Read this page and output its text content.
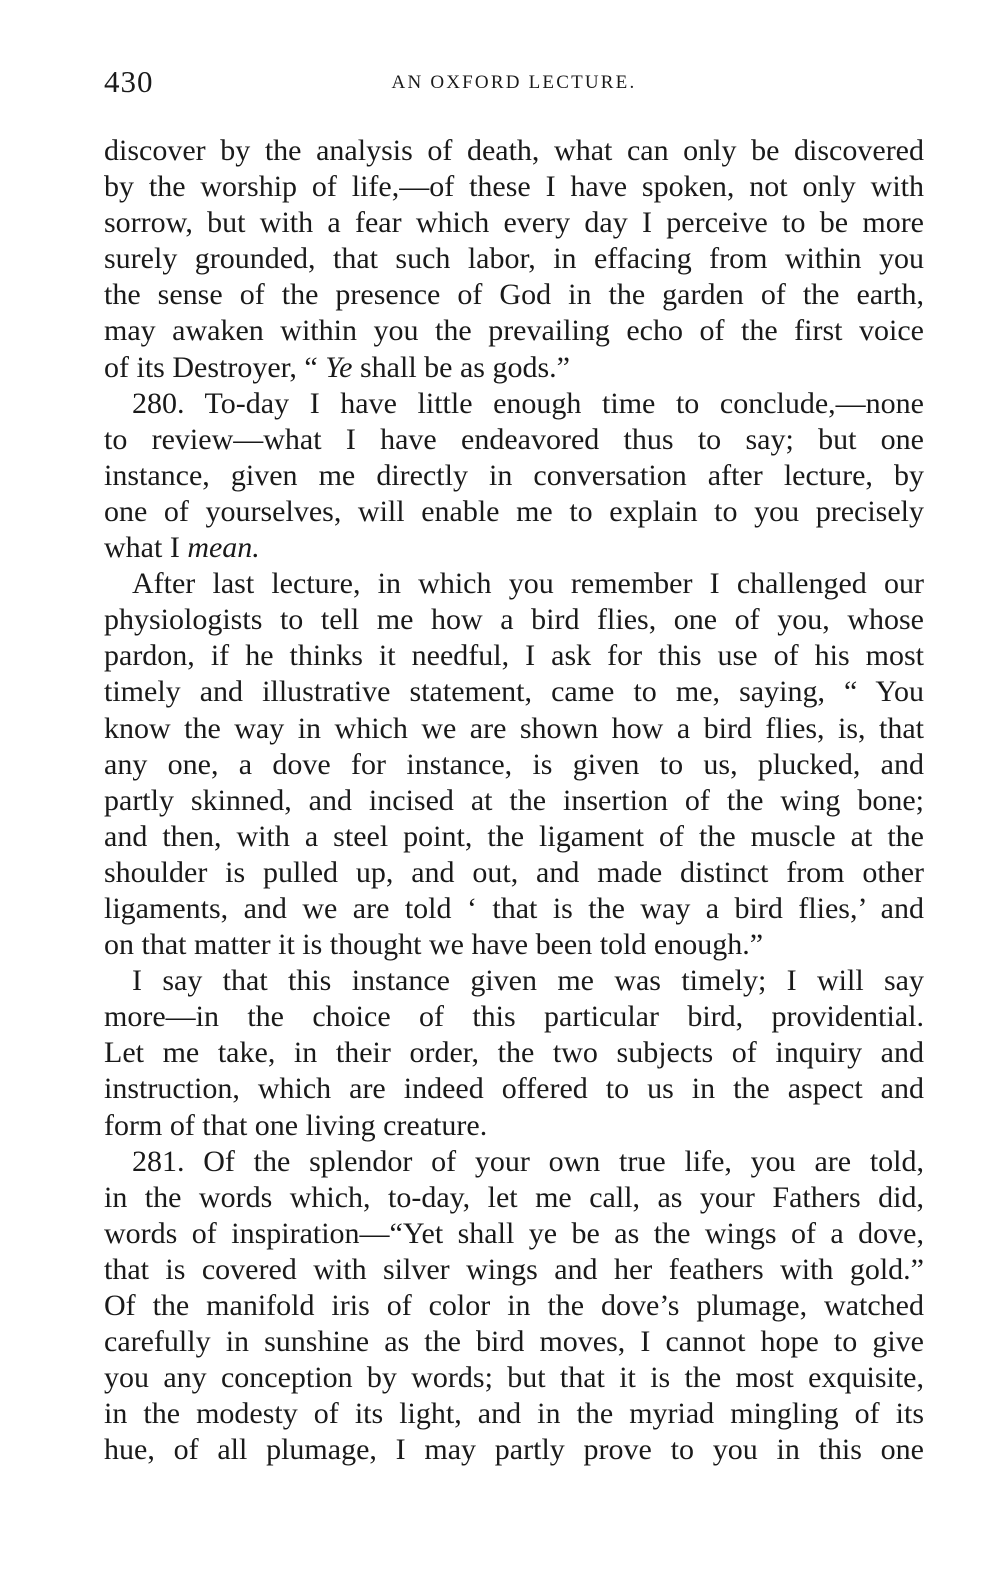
430	AN OXFORD LECTURE.
discover by the analysis of death, what can only be discovered
by the worship of life,—of these I have spoken, not only with
sorrow, but with a fear which every day I perceive to be more
surely grounded, that such labor, in effacing from within you
the sense of the presence of God in the garden of the earth,
may awaken within you the prevailing echo of the first voice
of its Destroyer, “ Ye shall be as gods.”
280. To-day I have little enough time to conclude,—none
to review—what I have endeavored thus to say; but one
instance, given me directly in conversation after lecture, by
one of yourselves, will enable me to explain to you precisely
what I mean.
After last lecture, in which you remember I challenged our
physiologists to tell me how a bird flies, one of you, whose
pardon, if he thinks it needful, I ask for this use of his most
timely and illustrative statement, came to me, saying, “ You
know the way in which we are shown how a bird flies, is, that
any one, a dove for instance, is given to us, plucked, and
partly skinned, and incised at the insertion of the wing bone;
and then, with a steel point, the ligament of the muscle at the
shoulder is pulled up, and out, and made distinct from other
ligaments, and we are told ‘ that is the way a bird flies,’ and
on that matter it is thought we have been told enough.”
I say that this instance given me was timely; I will say
more—in the choice of this particular bird, providential.
Let me take, in their order, the two subjects of inquiry and
instruction, which are indeed offered to us in the aspect and
form of that one living creature.
281. Of the splendor of your own true life, you are told,
in the words which, to-day, let me call, as your Fathers did,
words of inspiration—“Yet shall ye be as the wings of a dove,
that is covered with silver wings and her feathers with gold.”
Of the manifold iris of color in the dove’s plumage, watched
carefully in sunshine as the bird moves, I cannot hope to give
you any conception by words; but that it is the most exquisite,
in the modesty of its light, and in the myriad mingling of its
hue, of all plumage, I may partly prove to you in this one
